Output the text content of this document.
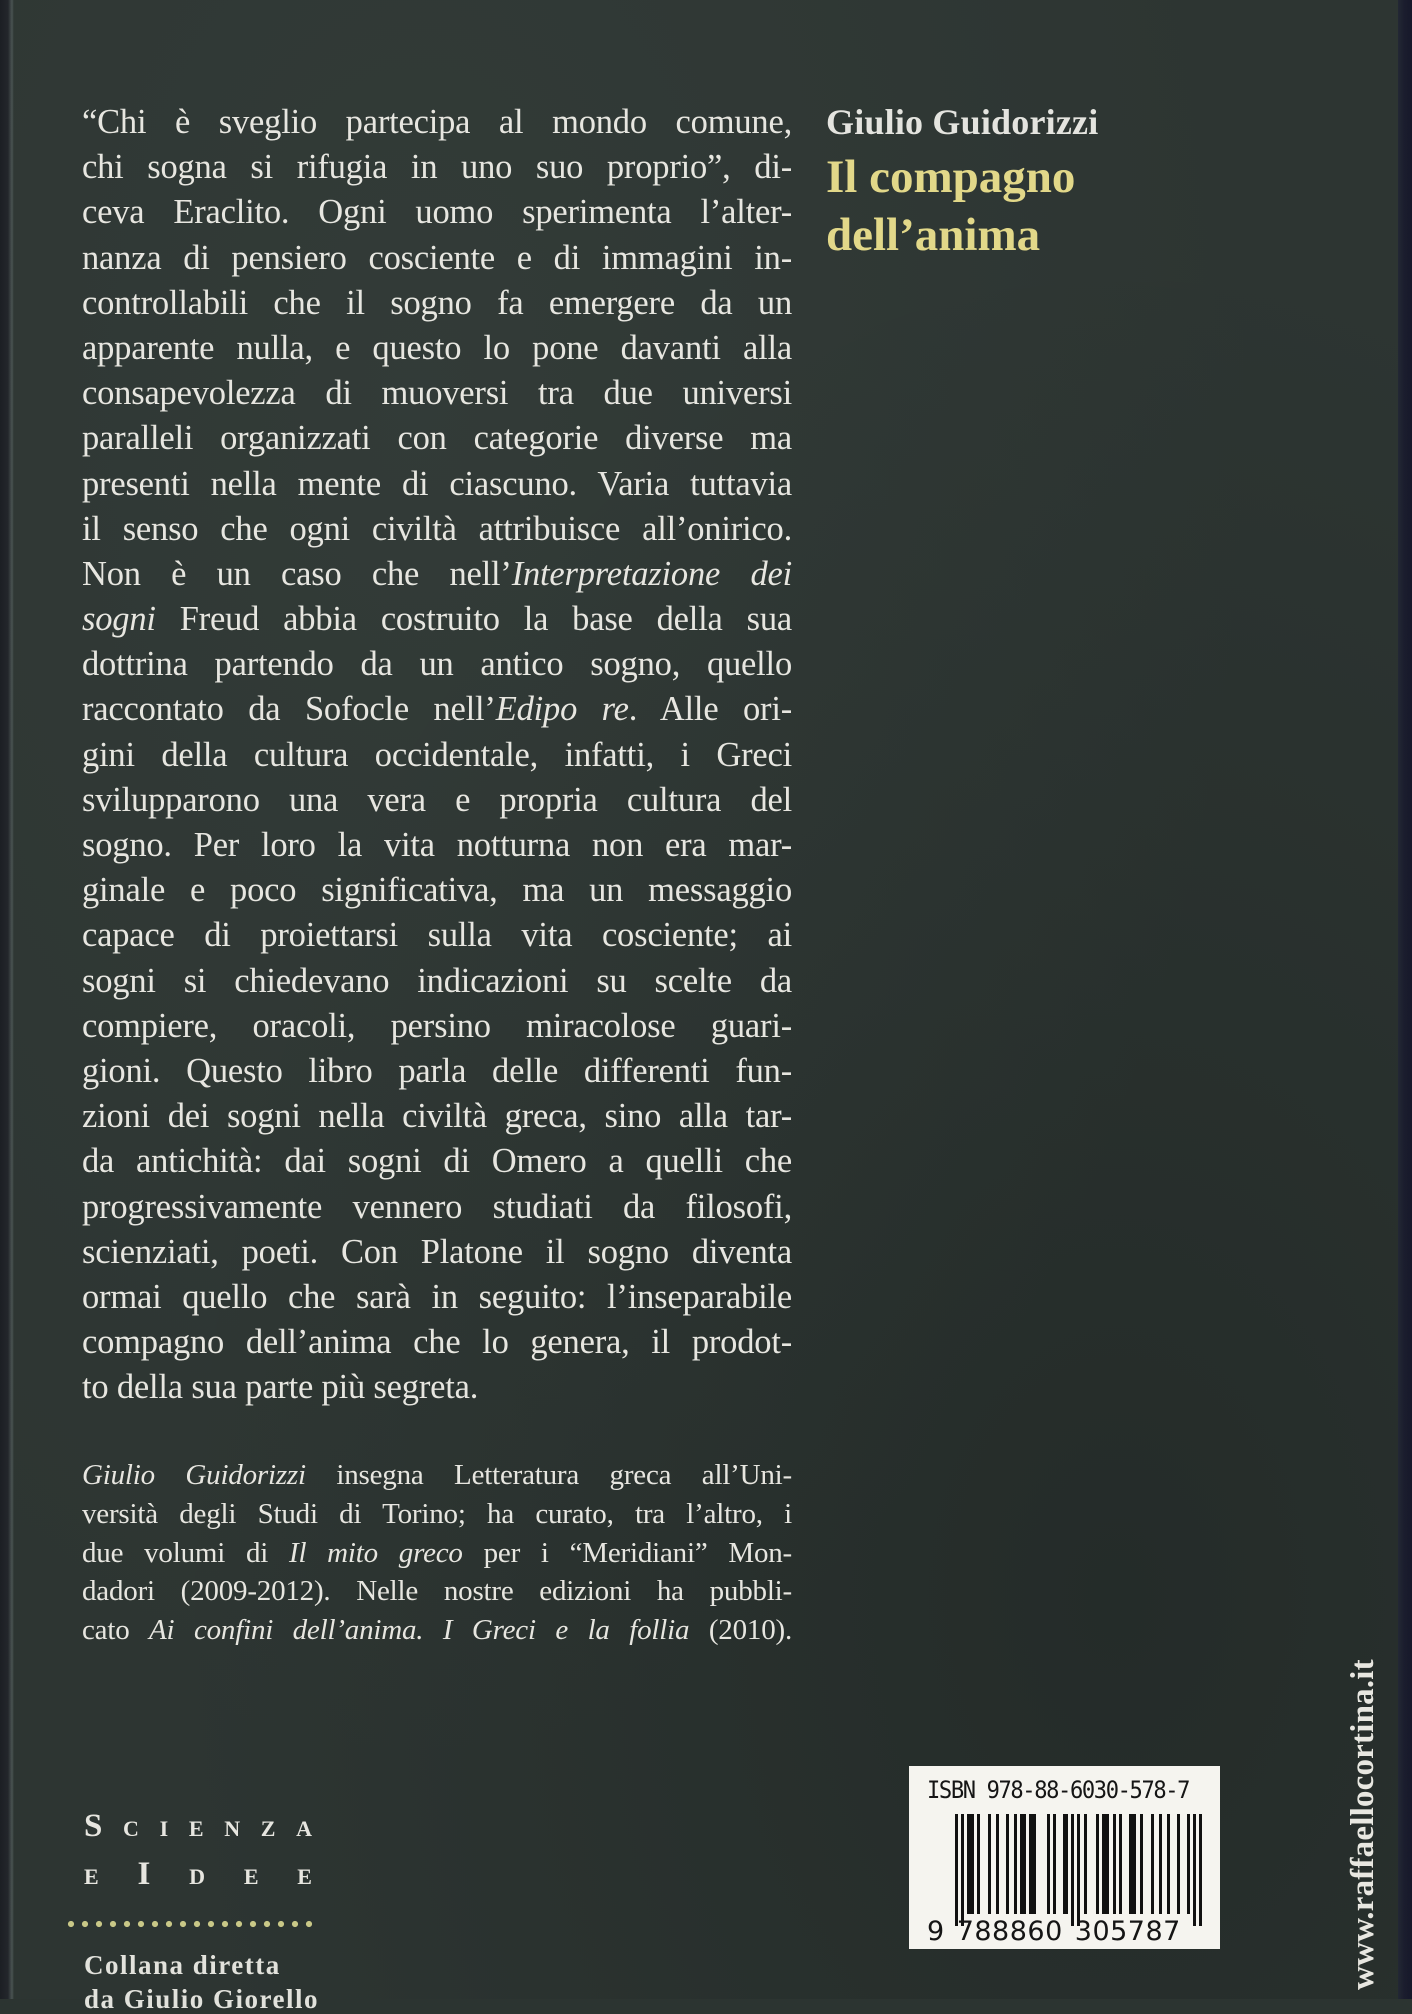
“Chi è sveglio partecipa al mondo comune,
chi sogna si rifugia in uno suo proprio”, di-
ceva Eraclito. Ogni uomo sperimenta l’alter-
nanza di pensiero cosciente e di immagini in-
controllabili che il sogno fa emergere da un
apparente nulla, e questo lo pone davanti alla
consapevolezza di muoversi tra due universi
paralleli organizzati con categorie diverse ma
presenti nella mente di ciascuno. Varia tuttavia
il senso che ogni civiltà attribuisce all’onirico.
Non è un caso che nell’Interpretazione dei
sogni Freud abbia costruito la base della sua
dottrina partendo da un antico sogno, quello
raccontato da Sofocle nell’Edipo re. Alle ori-
gini della cultura occidentale, infatti, i Greci
svilupparono una vera e propria cultura del
sogno. Per loro la vita notturna non era mar-
ginale e poco significativa, ma un messaggio
capace di proiettarsi sulla vita cosciente; ai
sogni si chiedevano indicazioni su scelte da
compiere, oracoli, persino miracolose guari-
gioni. Questo libro parla delle differenti fun-
zioni dei sogni nella civiltà greca, sino alla tar-
da antichità: dai sogni di Omero a quelli che
progressivamente vennero studiati da filosofi,
scienziati, poeti. Con Platone il sogno diventa
ormai quello che sarà in seguito: l’inseparabile
compagno dell’anima che lo genera, il prodot-
to della sua parte più segreta.
Giulio Guidorizzi insegna Letteratura greca all’Uni-
versità degli Studi di Torino; ha curato, tra l’altro, i
due volumi di Il mito greco per i “Meridiani” Mon-
dadori (2009-2012). Nelle nostre edizioni ha pubbli-
cato Ai confini dell’anima. I Greci e la follia (2010).
Giulio Guidorizzi
Il compagno
dell’anima
S C I E N Z A
E I D E E
Collana diretta
da Giulio Giorello
ISBN 978-88-6030-578-7
9 788860 305787	www.raffaellocortina.it
